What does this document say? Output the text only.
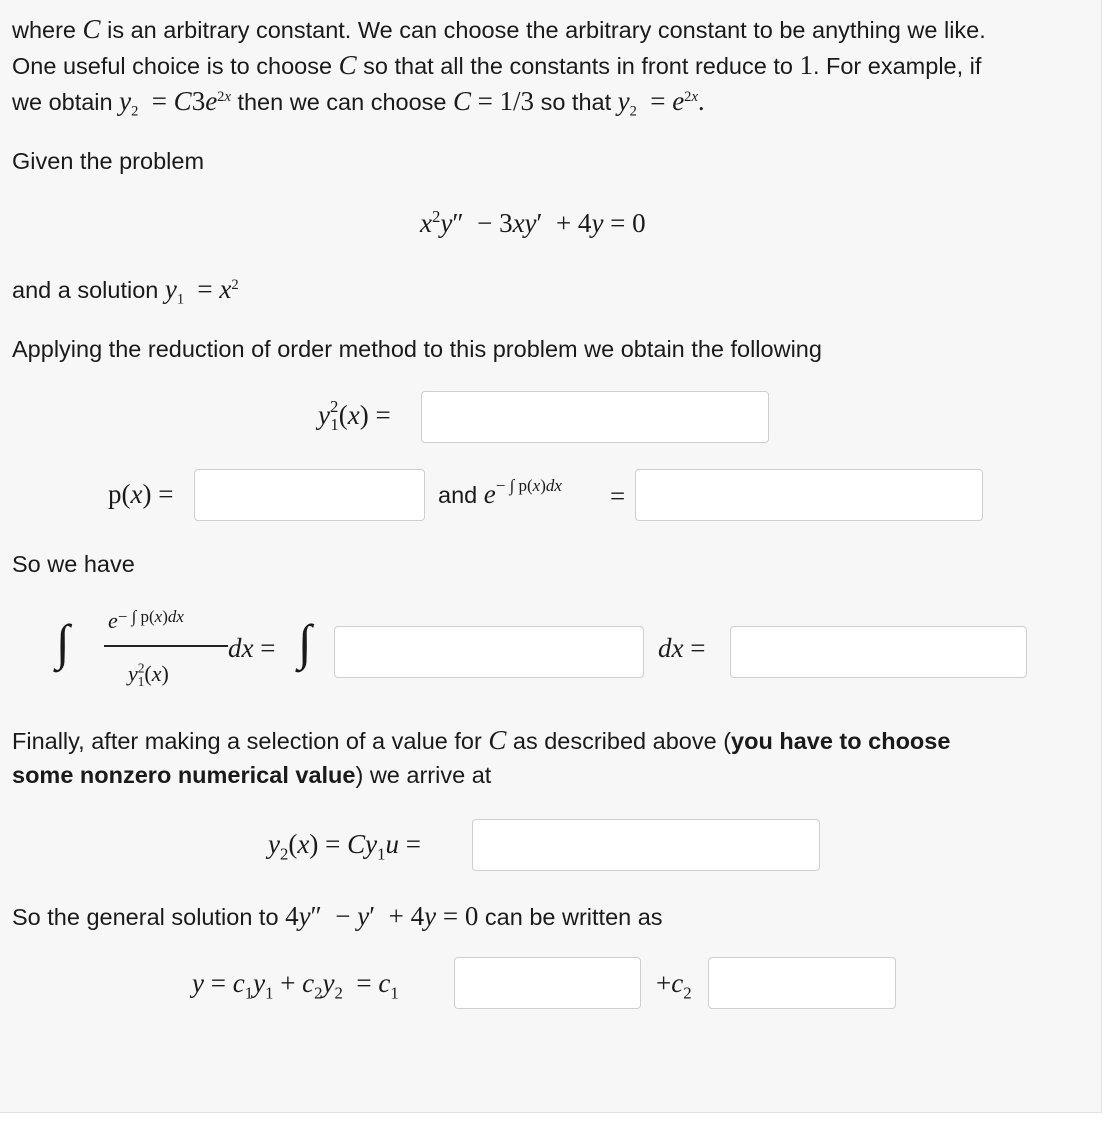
where C is an arbitrary constant. We can choose the arbitrary constant to be anything we like.
One useful choice is to choose C so that all the constants in front reduce to 1. For example, if
we obtain $y_2 = C3e^{2x}$ then we can choose C = 1/3 so that $y_2 = e^{2x}$.
Given the problem
$x^2y'' - 3xy' + 4y = 0$
and a solution $y_1 = x^2$
Applying the reduction of order method to this problem we obtain the following
$y^2_1(x)$ =
p(x) =	and $e^{- \int p(x)dx}$ =
So we have
∫ $e^{- \int p(x)dx}$
$y^2_1(x)$
dx = ∫	dx =
Finally, after making a selection of a value for C as described above (you have to choose
some nonzero numerical value) we arrive at
$y_2(x) = Cy_1u$ =
So the general solution to 4y″  − y′  + 4y = 0 can be written as
$y = c_1y_1 + c_2y_2 = c_1$	$+c_2$
